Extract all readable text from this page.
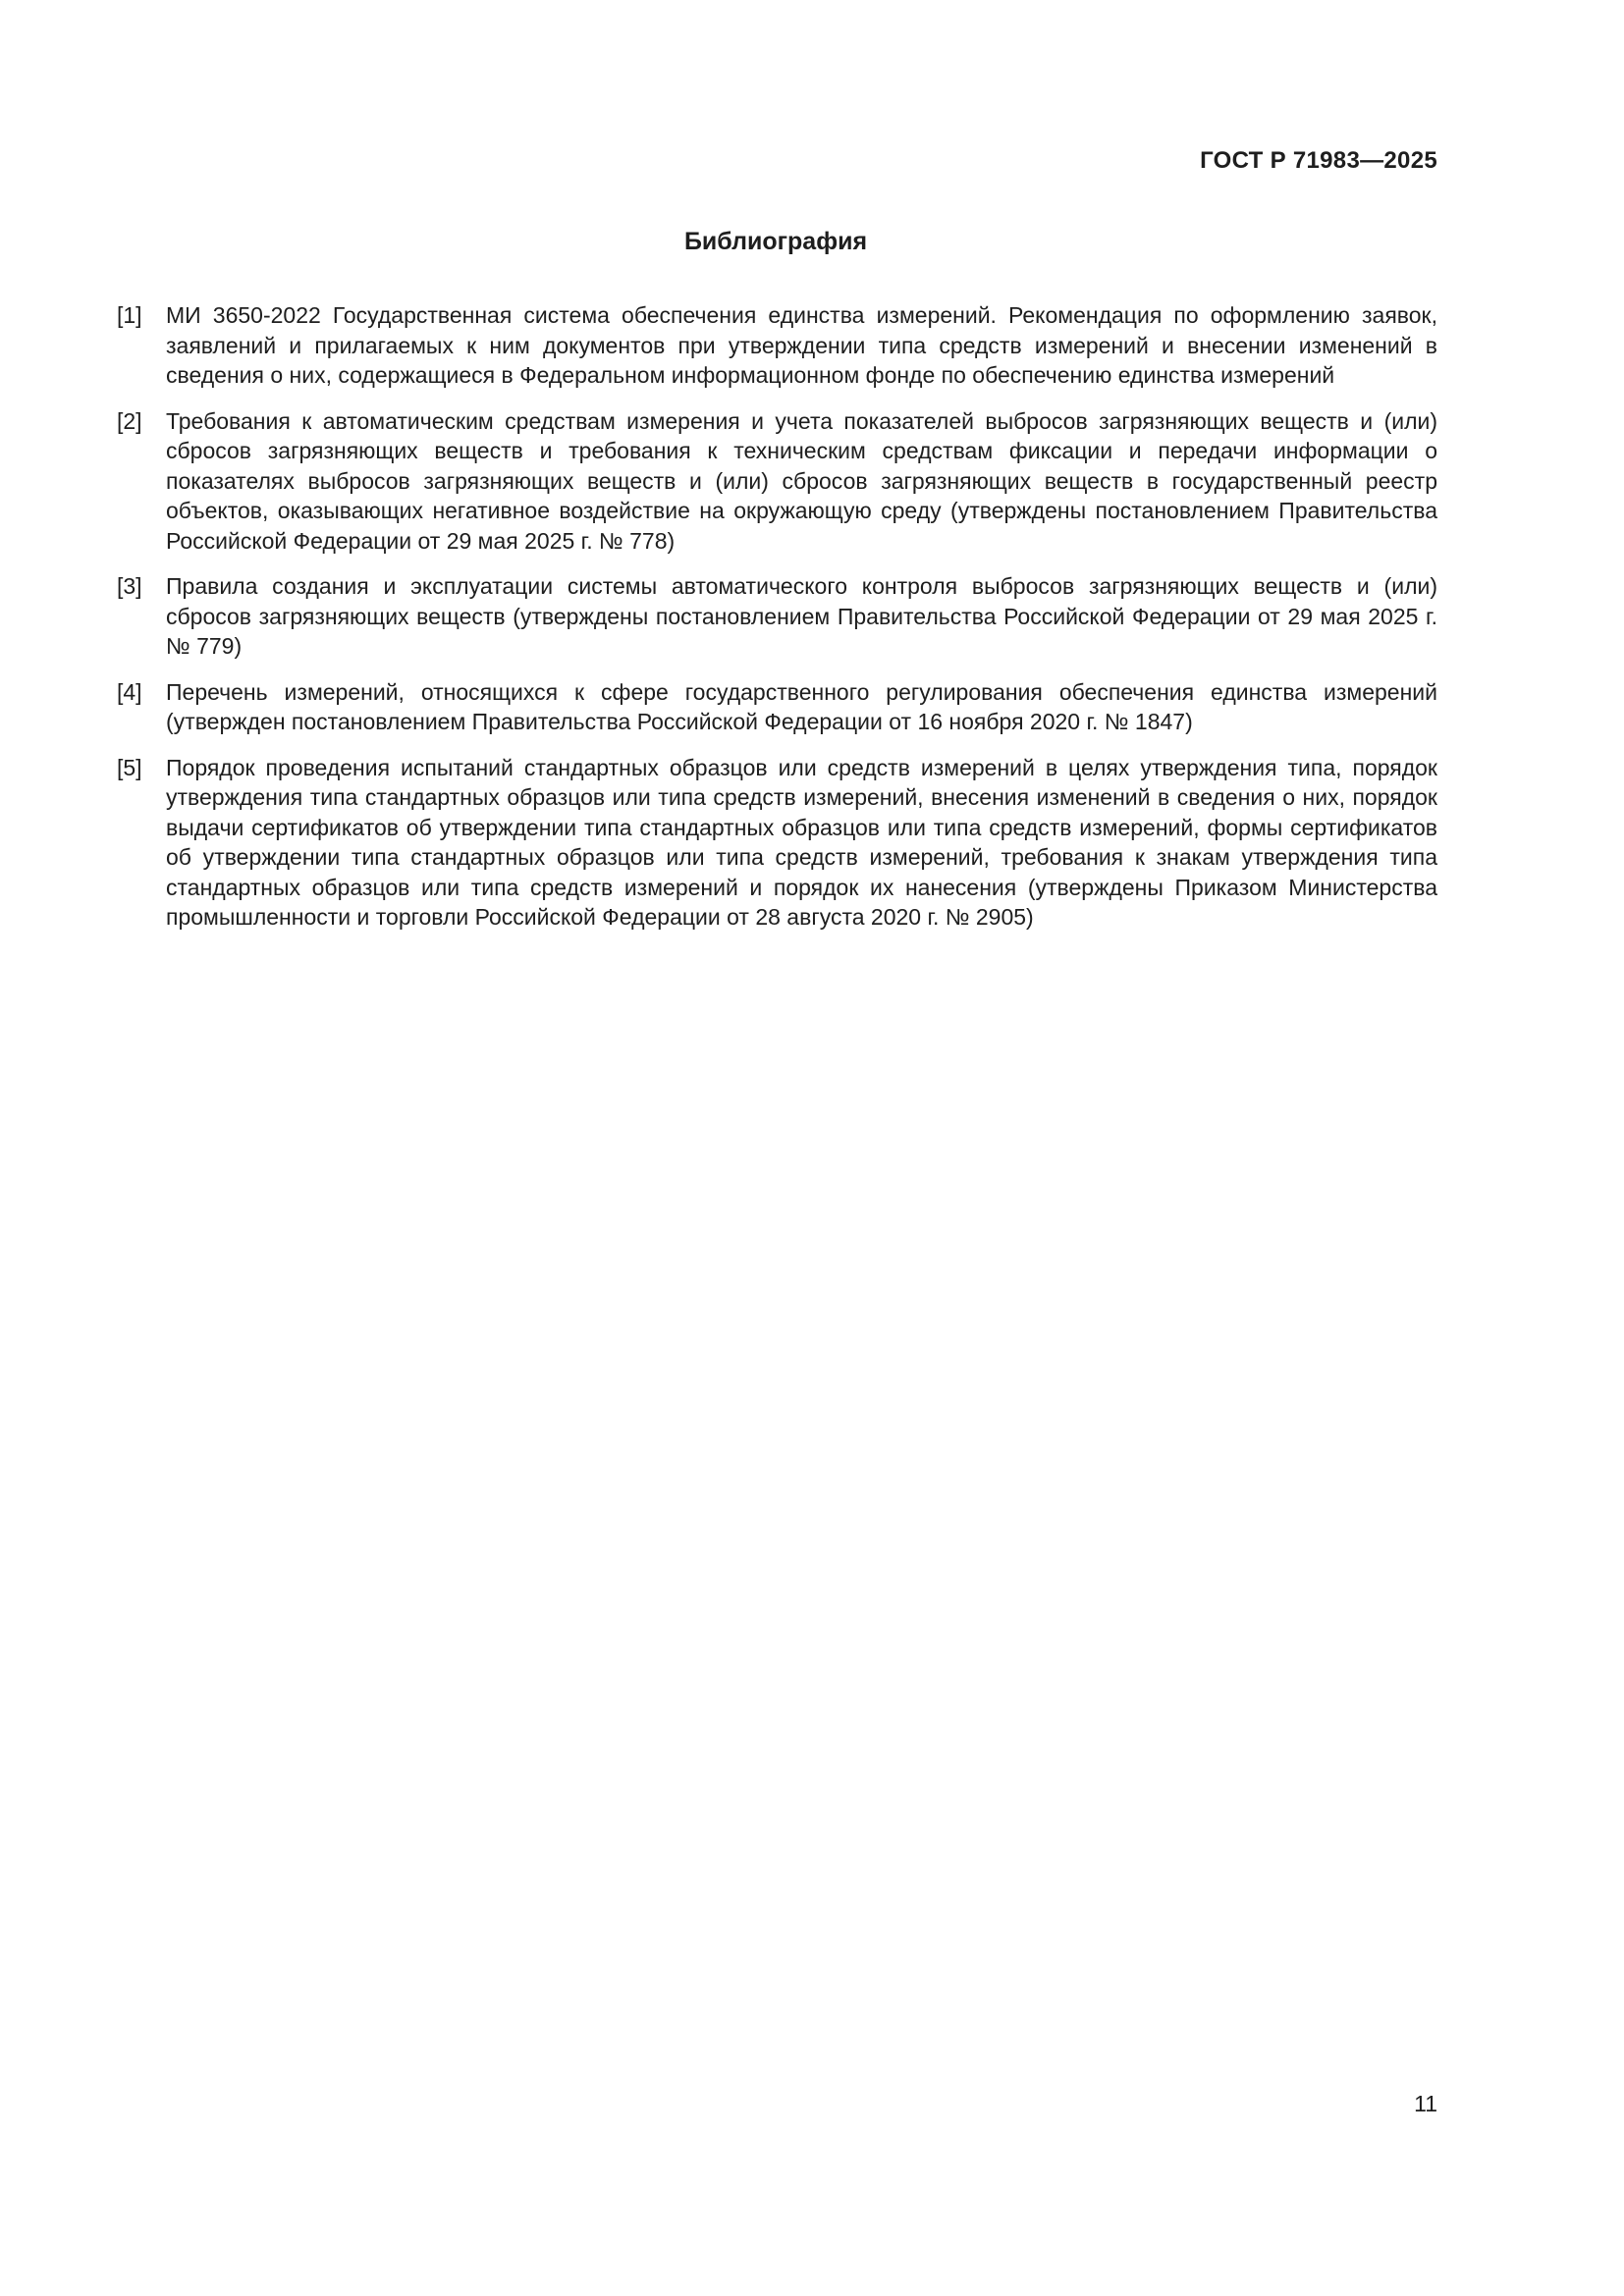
ГОСТ Р 71983—2025
Библиография
[1] МИ 3650-2022 Государственная система обеспечения единства измерений. Рекомендация по оформлению заявок, заявлений и прилагаемых к ним документов при утверждении типа средств измерений и внесении изменений в сведения о них, содержащиеся в Федеральном информационном фонде по обеспечению единства измерений
[2] Требования к автоматическим средствам измерения и учета показателей выбросов загрязняющих веществ и (или) сбросов загрязняющих веществ и требования к техническим средствам фиксации и передачи информации о показателях выбросов загрязняющих веществ и (или) сбросов загрязняющих веществ в государственный реестр объектов, оказывающих негативное воздействие на окружающую среду (утверждены постановлением Правительства Российской Федерации от 29 мая 2025 г. № 778)
[3] Правила создания и эксплуатации системы автоматического контроля выбросов загрязняющих веществ и (или) сбросов загрязняющих веществ (утверждены постановлением Правительства Российской Федерации от 29 мая 2025 г. № 779)
[4] Перечень измерений, относящихся к сфере государственного регулирования обеспечения единства измерений (утвержден постановлением Правительства Российской Федерации от 16 ноября 2020 г. № 1847)
[5] Порядок проведения испытаний стандартных образцов или средств измерений в целях утверждения типа, порядок утверждения типа стандартных образцов или типа средств измерений, внесения изменений в сведения о них, порядок выдачи сертификатов об утверждении типа стандартных образцов или типа средств измерений, формы сертификатов об утверждении типа стандартных образцов или типа средств измерений, требования к знакам утверждения типа стандартных образцов или типа средств измерений и порядок их нанесения (утверждены Приказом Министерства промышленности и торговли Российской Федерации от 28 августа 2020 г. № 2905)
11
